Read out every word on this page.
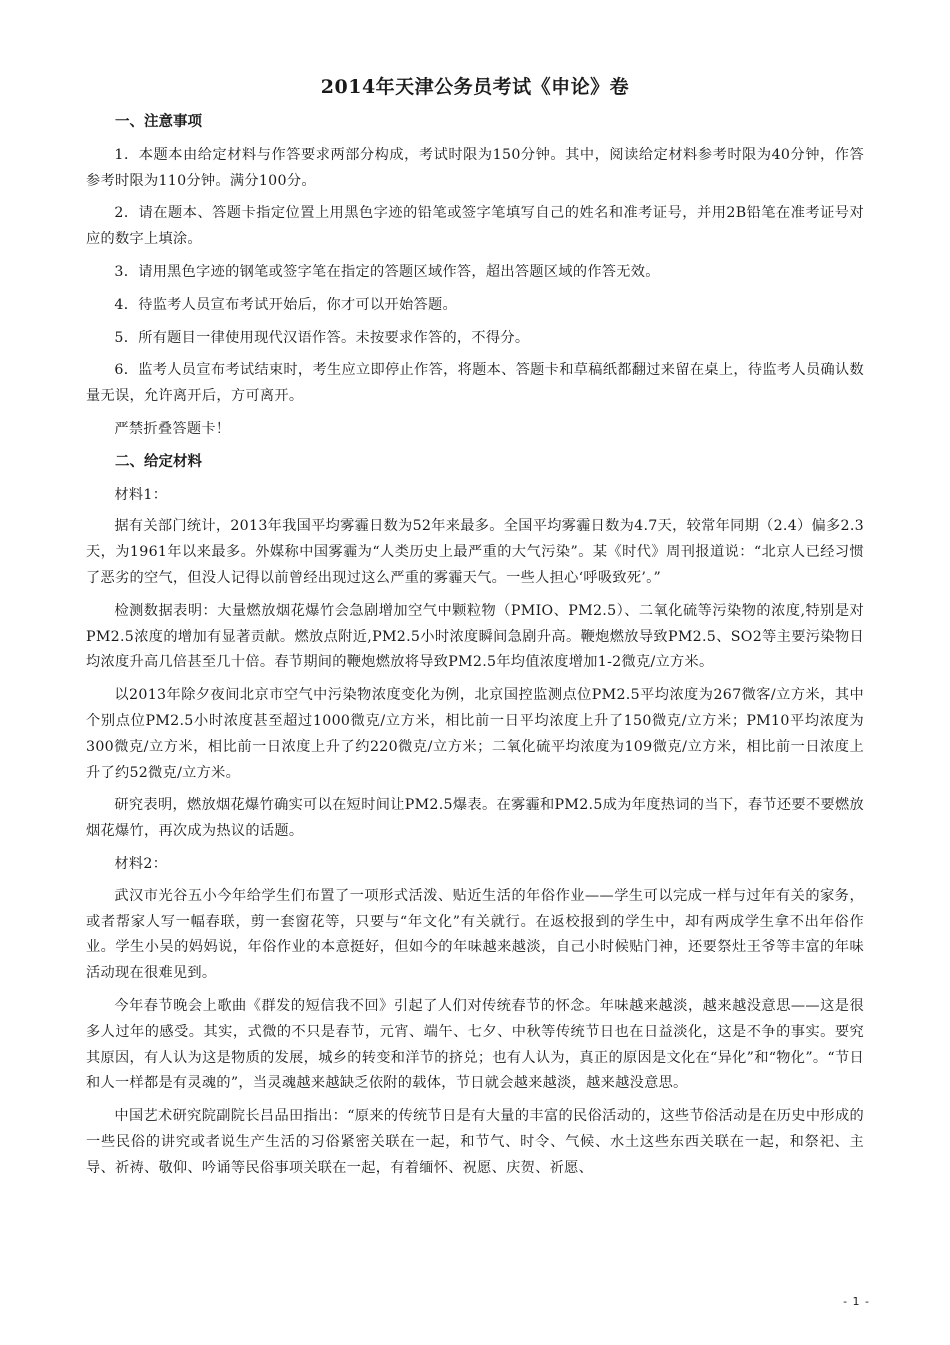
2014年天津公务员考试《申论》卷
一、注意事项

1．本题本由给定材料与作答要求两部分构成，考试时限为150分钟。其中，阅读给定材料参考时限为40分钟，作答参考时限为110分钟。满分100分。

2．请在题本、答题卡指定位置上用黑色字迹的铅笔或签字笔填写自己的姓名和准考证号，并用2B铅笔在准考证号对应的数字上填涂。

3．请用黑色字迹的钢笔或签字笔在指定的答题区域作答，超出答题区域的作答无效。

4．待监考人员宣布考试开始后，你才可以开始答题。

5．所有题目一律使用现代汉语作答。未按要求作答的，不得分。

6．监考人员宣布考试结束时，考生应立即停止作答，将题本、答题卡和草稿纸都翻过来留在桌上，待监考人员确认数量无误，允许离开后，方可离开。

严禁折叠答题卡！

二、给定材料

材料1：

据有关部门统计，2013年我国平均雾霾日数为52年来最多。全国平均雾霾日数为4.7天，较常年同期（2.4）偏多2.3天，为1961年以来最多。外媒称中国雾霾为“人类历史上最严重的大气污染”。某《时代》周刊报道说：“北京人已经习惯了恶劣的空气，但没人记得以前曾经出现过这么严重的雾霾天气。一些人担心‘呼吸致死’。”

检测数据表明：大量燃放烟花爆竹会急剧增加空气中颗粒物（PMIO、PM2.5）、二氧化硫等污染物的浓度,特别是对PM2.5浓度的增加有显著贡献。燃放点附近,PM2.5小时浓度瞬间急剧升高。鞭炮燃放导致PM2.5、SO2等主要污染物日均浓度升高几倍甚至几十倍。春节期间的鞭炮燃放将导致PM2.5年均值浓度增加1-2微克/立方米。

以2013年除夕夜间北京市空气中污染物浓度变化为例，北京国控监测点位PM2.5平均浓度为267微客/立方米，其中个别点位PM2.5小时浓度甚至超过1000微克/立方米，相比前一日平均浓度上升了150微克/立方米；PM10平均浓度为300微克/立方米，相比前一日浓度上升了约220微克/立方米；二氧化硫平均浓度为109微克/立方米，相比前一日浓度上升了约52微克/立方米。

研究表明，燃放烟花爆竹确实可以在短时间让PM2.5爆表。在雾霾和PM2.5成为年度热词的当下，春节还要不要燃放烟花爆竹，再次成为热议的话题。

材料2：

武汉市光谷五小今年给学生们布置了一项形式活泼、贴近生活的年俗作业——学生可以完成一样与过年有关的家务，或者帮家人写一幅春联，剪一套窗花等，只要与“年文化”有关就行。在返校报到的学生中，却有两成学生拿不出年俗作业。学生小吴的妈妈说，年俗作业的本意挺好，但如今的年味越来越淡，自己小时候贴门神，还要祭灶王爷等丰富的年味活动现在很难见到。

今年春节晚会上歌曲《群发的短信我不回》引起了人们对传统春节的怀念。年味越来越淡，越来越没意思——这是很多人过年的感受。其实，式微的不只是春节，元宵、端午、七夕、中秋等传统节日也在日益淡化，这是不争的事实。要究其原因，有人认为这是物质的发展，城乡的转变和洋节的挤兑；也有人认为，真正的原因是文化在“异化”和“物化”。“节日和人一样都是有灵魂的”，当灵魂越来越缺乏依附的载体，节日就会越来越淡，越来越没意思。

中国艺术研究院副院长吕品田指出：“原来的传统节日是有大量的丰富的民俗活动的，这些节俗活动是在历史中形成的一些民俗的讲究或者说生产生活的习俗紧密关联在一起，和节气、时令、气候、水土这些东西关联在一起，和祭祀、主导、祈祷、敬仰、吟诵等民俗事项关联在一起，有着缅怀、祝愿、庆贺、祈愿、

- 1 -
